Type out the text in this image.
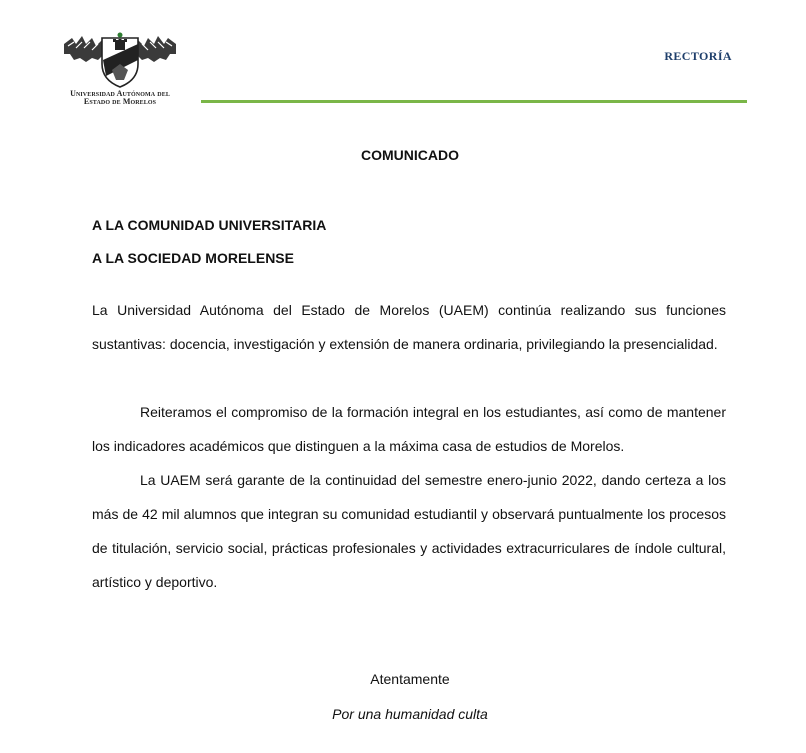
Universidad Autónoma del
Estado de Morelos
RECTORÍA
COMUNICADO
A LA COMUNIDAD UNIVERSITARIA
A LA SOCIEDAD MORELENSE

La Universidad Autónoma del Estado de Morelos (UAEM) continúa realizando sus funciones sustantivas: docencia, investigación y extensión de manera ordinaria, privilegiando la presencialidad.

Reiteramos el compromiso de la formación integral en los estudiantes, así como de mantener los indicadores académicos que distinguen a la máxima casa de estudios de Morelos.

La UAEM será garante de la continuidad del semestre enero-junio 2022, dando certeza a los más de 42 mil alumnos que integran su comunidad estudiantil y observará puntualmente los procesos de titulación, servicio social, prácticas profesionales y actividades extracurriculares de índole cultural, artístico y deportivo.

Atentamente
Por una humanidad culta
